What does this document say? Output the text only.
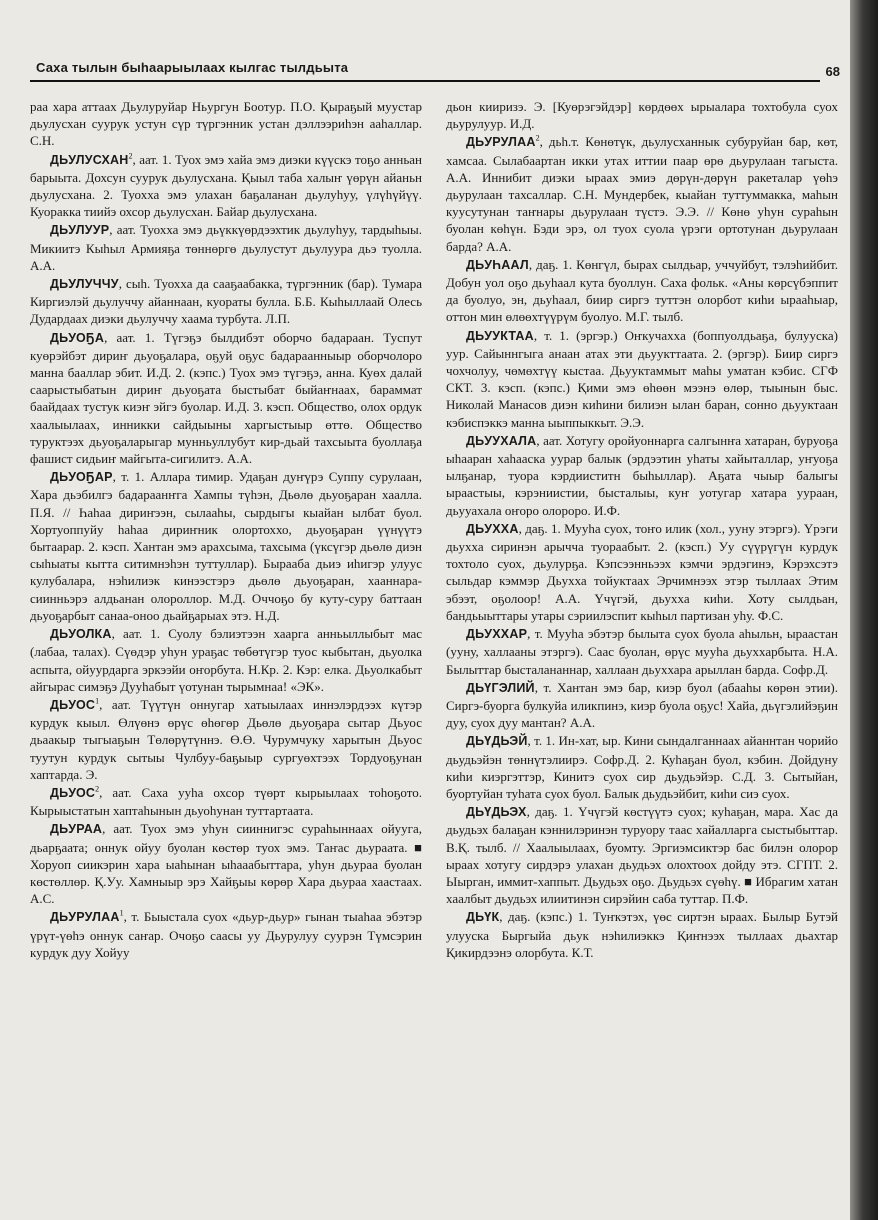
Саха тылын быһаарыылаах кылгас тылдьыта	68

раа хара аттаах Дьулуруйар Ньургун Боотур. П.О. Қыраҕый муустар дьулусхан суурук устун сүр түргэнник устан дэллээриһэн ааһаллар. С.Н.

ДЬУЛУСХАН$^2$, аат. 1. Туох эмэ хайа эмэ диэки күүскэ тоҕо анньан барыыта. Дохсун суурук дьулусхана. Қыыл таба халыҥ үөрүн айаньн дьулусхана. 2. Туохха эмэ улахан баҕаланан дьулуһуу, үлүһүйүү. Куоракка тиийэ охсор дьулусхан. Байар дьулусхана.

ДЬУЛУУР, аат. Туохха эмэ дьүккүөрдээхтик дьулуһуу, тардыһыы. Микиитэ Кыһыл Армияҕа төннөргө дьулустут дьулуура дьэ туолла. А.А.

ДЬУЛУЧЧУ, сыһ. Туохха да сааҕаабакка, түргэнник (бар). Тумара Киргиэлэй дьулуччу айаннаан, куораты булла. Б.Б. Кыһыллаай Олесь Дудардаах диэки дьулуччу хаама турбута. Л.П.

ДЬУОҔА, аат. 1. Түгэҕэ былдибэт оборчо бадараан. Туспут куөрэйбэт дириҥ дьуоҕалара, оҕуй оҕус бадараанныыр оборчолоро манна бааллар эбит. И.Д. 2. (кэпс.) Туох эмэ түгэҕэ, анна. Куөх далай саарыстыбатын дириҥ дьуоҕата быстыбат быйаҥнаах, бараммат баайдаах тустук киэҥ эйгэ буолар. И.Д. 3. кэсп. Общество, олох ордук хаалыылаах, инникки сайдыыны харгыстыыр өттө. Общество туруктээх дьуоҕаларыгар мунньуллубут кир-дьай тахсыыта буоллаҕа фашист сидьиҥ майгыта-сигилитэ. А.А.

ДЬУОҔАР, т. 1. Аллара тимир. Удаҕан дуҥүрэ Суппу сурулаан, Хара дьэбилгэ бадараанҥга Хампы түһэн, Дьөлө дьуоҕаран хаалла. П.Я. // Һаһаа дириҥээн, сылааһы, сырдыгы кыайан ылбат буол. Хортуоппуйу һаһаа дириҥник олортоххо, дьуоҕаран үүнүүтэ бытаарар. 2. кэсп. Хантан эмэ арахсыма, тахсыма (үксүгэр дьөлө диэн сыһыаты кытта ситимнэһэн туттуллар). Быраабa дьиэ иһигэр улуус кулубалара, нэһилиэк кинээстэрэ дьөлө дьуоҕаран, хааннара-сиинньэрэ алдьанан олороллор. М.Д. Оччоҕо бу куту-суру баттаан дьуоҕарбыт санаа-онoo дьайҕарыах этэ. Н.Д.

ДЬУОЛКА, аат. 1. Суолу бэлиэтээн хаарга анньыллыбыт мас (лабаа, талах). Сүөдэр уһун ураҕас төбөтүгэр туос кыбытан, дьуолка аспыта, ойуурдарга эркээйи оҥорбута. Н.Кр. 2. Кэр: елка. Дьуолкабыт айгырас симэҕэ Дууһабыт үотунан тырымнаа! «ЭК».

ДЬУОС$^1$, аат. Түүтүн оннугар хатыылаах иннэлэрдээх күтэр курдук кыыл. Өлүөнэ өрүс өһөгөр Дьөлө дьуоҕара сытар Дьуос дьаакыр тыгыаҕын Төлөрүтүннэ. Ө.Ө. Чурумчуку харытын Дьуос туутун курдук сытыы Чулбуу-баҕыыр сургуөхтээх Тордуоҕунан хаптарда. Э.

ДЬУОС$^2$, аат. Саха ууһа охсор түөрт кырыылаах тоһоҕото. Кырыыстатын хаптаһынын дьуоһунан туттартаата.

ДЬУРАА, аат. Туох эмэ уһун сииннигэс сураһыннаах ойууга, дьарҕаата; оннук ойуу буолан көстөр туох эмэ. Таҥас дьураата. ■ Хоруоп сиикэрин хара ыаһынан ыһааабыттара, уһун дьураа буолан көстөллөр. Қ.Уу. Хамныыр эрэ Хайҕыы көрөр Хара дьураа хаастаах. А.С.

ДЬУРУЛАА$^1$, т. Быыстала суох «дьур-дьур» гынан тыаһаа эбэтэр үрүт-үөһэ оннук саҥар. Очоҕо саасы уу Дьурулуу суурэн Түмсэрин курдук дуу Хойуу

дьон кииризэ. Э. [Куөрэгэйдэр] көрдөөх ырыалара тохтобула суох дьурулуур. И.Д.

ДЬУРУЛАА$^2$, дьһ.т. Көнөтүк, дьулусханнык субуруйан бар, көт, хамсаа. Сылабаартан икки утах иттии паар өрө дьурулаан тагыста. А.А. Иннибит диэки ырааx эмиэ дөрүн-дөрүн ракеталар үөһэ дьурулаан тахсаллар. С.Н. Мундербек, кыайан туттуммакка, маһын куусутунан таҥнары дьурулаан түстэ. Э.Э. // Көнө уһун сураһын буолан көһүн. Бэди эрэ, ол туох суола үрэги ортотунан дьурулаан барда? А.А.

ДЬУҺААЛ, даҕ. 1. Көнгүл, бырах сылдьар, уччуйбут, тэлэһийбит. Добун уол оҕо дьуһаал кута буоллун. Саха фольк. «Аны көрсүбэппит да буолуо, эн, дьуһаал, биир сиргэ туттэн олорбот киһи ырааһыар, оттон мин өлөөхтүүрүм буолуо. М.Г. тылб.

ДЬУУКТАА, т. 1. (эргэр.) Оҥкучаххa (боппуолдьаҕа, булууска) уур. Сайыннгыга анаан атах эти дьуукттаата. 2. (эргэр). Биир сиргэ чохчолуу, чөмөхтүү кыстаа. Дьууктаммыт маһы уматан кэбис. СГФ СКТ. 3. кэсп. (кэпс.) Қими эмэ өһөөн мээнэ өлөр, тыынын быс. Николай Манасов диэн киһини билиэн ылан баран, сонно дьууктаан кэбиспэккэ манна ыыппыккыт. Э.Э.

ДЬУУХАЛА, аат. Хотугу оройуоннарга салгынҥа хатаран, буруоҕа ыһааран хаһааска уурар балык (эрдээтин уһаты хайыталлар, уҥуоҕа ылҕанар, туора кэрдииститн быһыллар). Аҕата чыыр балыгы ырааcтыы, кэрэниистии, быcталыы, куҥ уотугар хатара уураан, дьууахала оҥоро олороро. И.Ф.

ДЬУХХА, даҕ. 1. Мууһа суох, тоҥо илик (хол., ууну этэргэ). Үрэги дьухха сиринэн арычча туораабыт. 2. (кэсп.) Уу сүүрүгүн курдук тохтоло суох, дьулурҕа. Кэпсээнньээх кэмчи эрдэгинэ, Кэрэхсэтэ сыльдар кэммэр Дьухха тойуктаах Эрчимнээх этэр тыллаах Этим эбээт, оҕолоор! А.А. Үчүгэй, дьухха киһи. Хоту сылдьан, бандьыыттары утары сэриилэспит кыһыл партизан уһу. Ф.С.

ДЬУХХАР, т. Мууһа эбэтэр былыта суох буола аһыльн, ырааcтан (ууну, халлааны этэргэ). Саас буолан, өрүс мууһа дьуххарбыта. Н.А. Былыттар быcталананнар, халлаан дьуххара арыллан барда. Софр.Д.

ДЬҮГЭЛИЙ, т. Хантан эмэ бар, киэр буол (абааһы көрөн этии). Сиргэ-буорга булкуйа иликпинэ, киэр буола оҕус! Хайа, дьүгэлийэҕин дуу, суох дуу мантан? А.А.

ДЬҮДЬЭЙ, т. 1. Ин-хат, ыр. Кини сындалганнаах айаннтан чорийо дьудьэйэн төннүтэлиирэ. Софр.Д. 2. Куһаҕан буол, кэбин. Дойдуну киһи киэргэттэр, Кинитэ суох сир дьудьэйэр. С.Д. 3. Сытыйан, буортуйан туһата суох буол. Балык дьудьэйбит, киһи сиэ суох.

ДЬҮДЬЭХ, даҕ. 1. Үчүгэй көстүүтэ суох; куһаҕан, мара. Хас да дьудьэх балаҕан кэннилэринэн туруору таас хайалларга сыстыбыттар. В.Қ. тылб. // Хаалыылаах, буомту. Эргиэмсиктэр бас билэн олорор ыраах хотугу сирдэрэ улахан дьудьэх олохтоох дойду этэ. СГПТ. 2. Ыырган, иммит-хаппыт. Дьудьэх оҕо. Дьудьэх сүөһү. ■ Ибрагим хатан хаалбыт дьудьэх илиитинэн сирэйин саба туттар. П.Ф.

ДЬҮК, даҕ. (кэпс.) 1. Туҥкэтэх, үөс сиртэн ырааx. Былыр Бутэй улууска Быргыйа дьук нэһилиэккэ Қиҥнээх тыллаах дьахтар Қикирдээнэ олорбута. К.Т.
